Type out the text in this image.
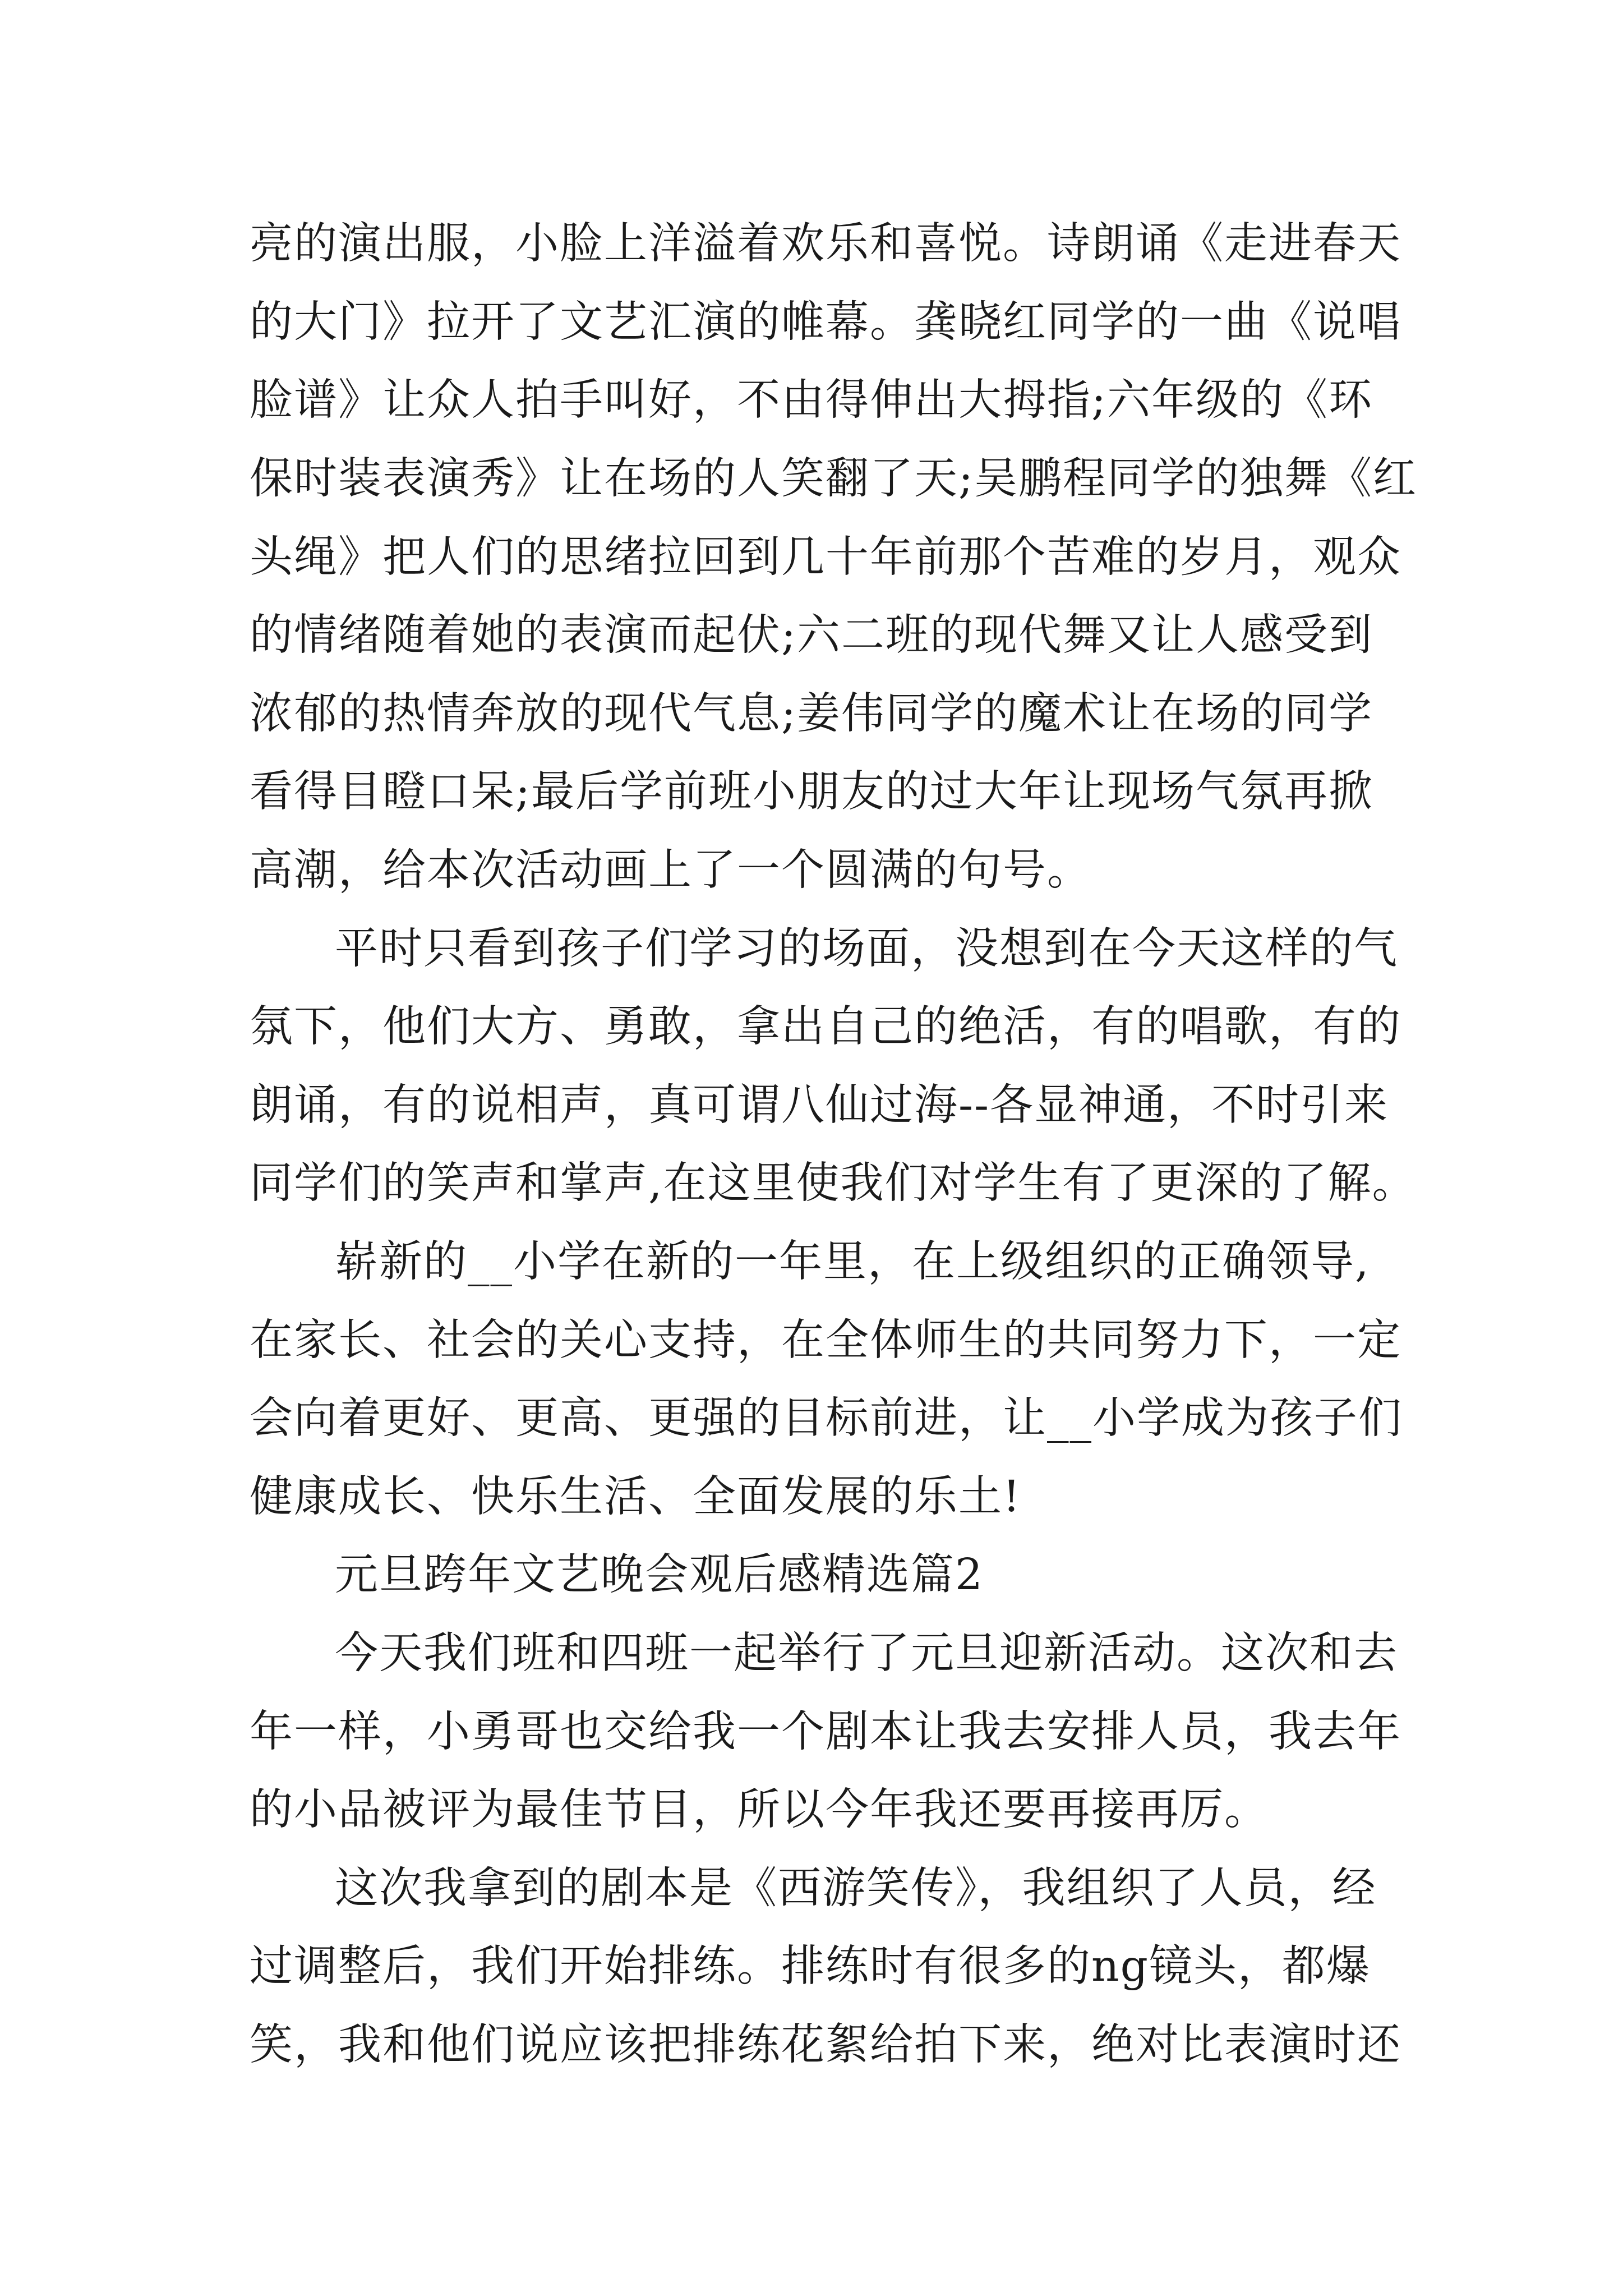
亮的演出服，小脸上洋溢着欢乐和喜悦。诗朗诵《走进春天

的大门》拉开了文艺汇演的帷幕。龚晓红同学的一曲《说唱

脸谱》让众人拍手叫好，不由得伸出大拇指;六年级的《环

保时装表演秀》让在场的人笑翻了天;吴鹏程同学的独舞《红

头绳》把人们的思绪拉回到几十年前那个苦难的岁月，观众

的情绪随着她的表演而起伏;六二班的现代舞又让人感受到

浓郁的热情奔放的现代气息;姜伟同学的魔术让在场的同学

看得目瞪口呆;最后学前班小朋友的过大年让现场气氛再掀

高潮，给本次活动画上了一个圆满的句号。

平时只看到孩子们学习的场面，没想到在今天这样的气

氛下，他们大方、勇敢，拿出自己的绝活，有的唱歌，有的

朗诵，有的说相声，真可谓八仙过海--各显神通，不时引来

同学们的笑声和掌声,在这里使我们对学生有了更深的了解。

崭新的__小学在新的一年里，在上级组织的正确领导,

在家长、社会的关心支持，在全体师生的共同努力下，一定

会向着更好、更高、更强的目标前进，让__小学成为孩子们

健康成长、快乐生活、全面发展的乐土!

元旦跨年文艺晚会观后感精选篇2

今天我们班和四班一起举行了元旦迎新活动。这次和去

年一样，小勇哥也交给我一个剧本让我去安排人员，我去年

的小品被评为最佳节目，所以今年我还要再接再厉。

这次我拿到的剧本是《西游笑传》，我组织了人员，经

过调整后，我们开始排练。排练时有很多的ng镜头，都爆

笑，我和他们说应该把排练花絮给拍下来，绝对比表演时还
